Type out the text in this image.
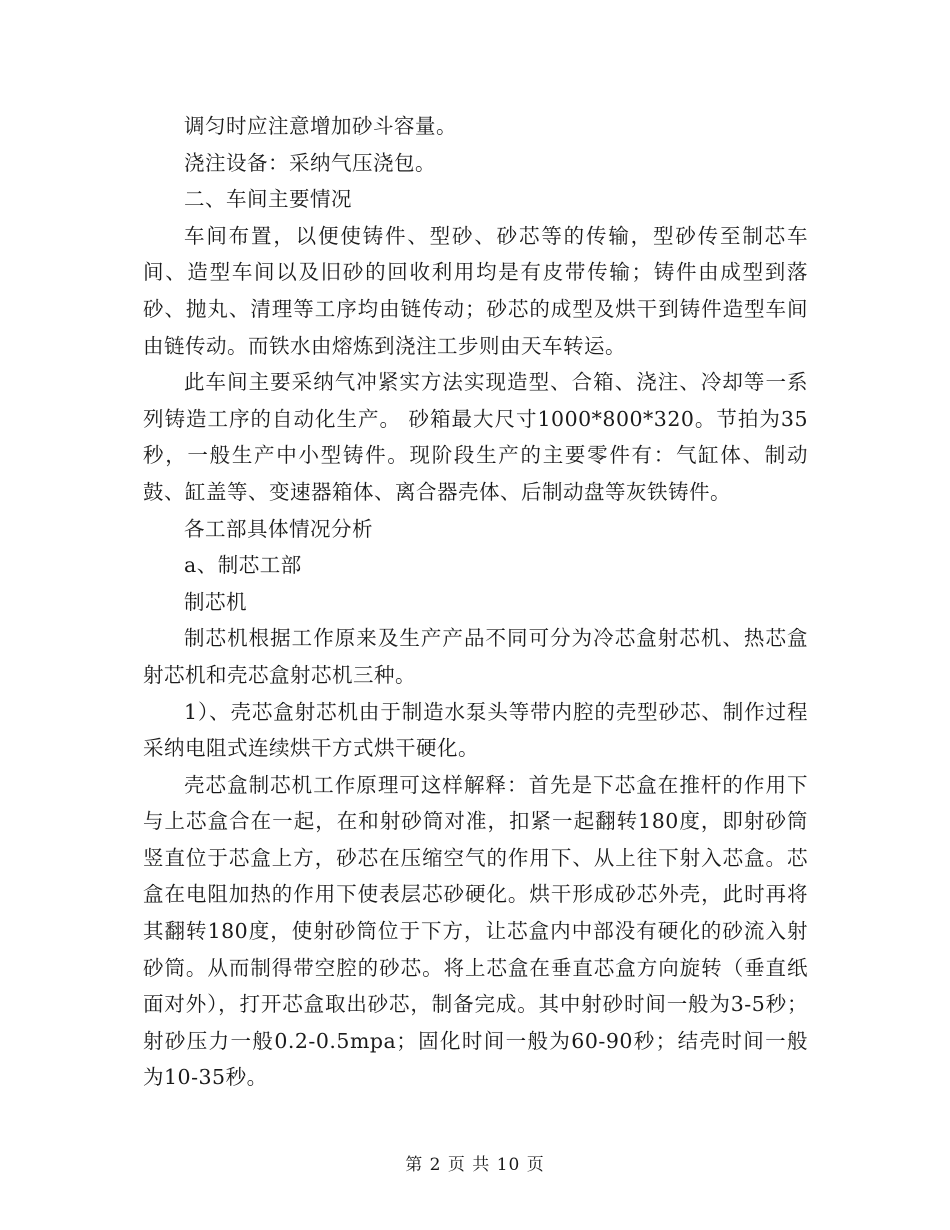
调匀时应注意增加砂斗容量。

浇注设备：采纳气压浇包。

二、车间主要情况

车间布置，以便使铸件、型砂、砂芯等的传输，型砂传至制芯车间、造型车间以及旧砂的回收利用均是有皮带传输；铸件由成型到落砂、抛丸、清理等工序均由链传动；砂芯的成型及烘干到铸件造型车间由链传动。而铁水由熔炼到浇注工步则由天车转运。

此车间主要采纳气冲紧实方法实现造型、合箱、浇注、冷却等一系列铸造工序的自动化生产。 砂箱最大尺寸1000*800*320。节拍为35秒，一般生产中小型铸件。现阶段生产的主要零件有：气缸体、制动鼓、缸盖等、变速器箱体、离合器壳体、后制动盘等灰铁铸件。

各工部具体情况分析

a、制芯工部

制芯机

制芯机根据工作原来及生产产品不同可分为冷芯盒射芯机、热芯盒射芯机和壳芯盒射芯机三种。

1）、壳芯盒射芯机由于制造水泵头等带内腔的壳型砂芯、制作过程采纳电阻式连续烘干方式烘干硬化。

壳芯盒制芯机工作原理可这样解释：首先是下芯盒在推杆的作用下与上芯盒合在一起，在和射砂筒对准，扣紧一起翻转180度，即射砂筒竖直位于芯盒上方，砂芯在压缩空气的作用下、从上往下射入芯盒。芯盒在电阻加热的作用下使表层芯砂硬化。烘干形成砂芯外壳，此时再将其翻转180度，使射砂筒位于下方，让芯盒内中部没有硬化的砂流入射砂筒。从而制得带空腔的砂芯。将上芯盒在垂直芯盒方向旋转（垂直纸面对外），打开芯盒取出砂芯，制备完成。其中射砂时间一般为3-5秒；射砂压力一般0.2-0.5mpa；固化时间一般为60-90秒；结壳时间一般为10-35秒。

第 2 页 共 10 页
